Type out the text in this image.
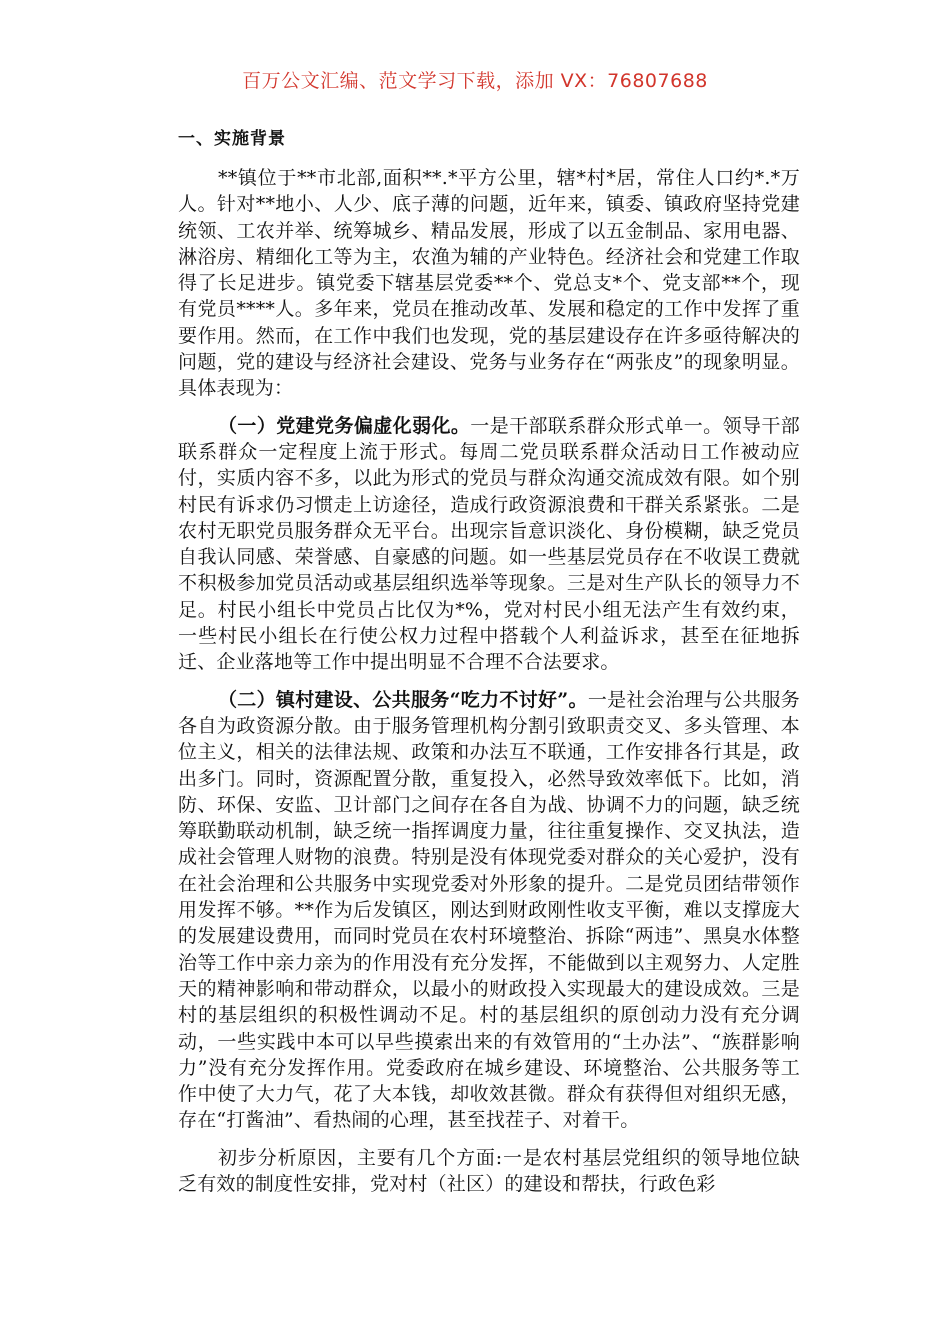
百万公文汇编、范文学习下载，添加 VX：76807688
一、实施背景

**镇位于**市北部,面积**.*平方公里，辖*村*居，常住人口约*.*万人。针对**地小、人少、底子薄的问题，近年来，镇委、镇政府坚持党建统领、工农并举、统筹城乡、精品发展，形成了以五金制品、家用电器、淋浴房、精细化工等为主，农渔为辅的产业特色。经济社会和党建工作取得了长足进步。镇党委下辖基层党委**个、党总支*个、党支部**个，现有党员****人。多年来，党员在推动改革、发展和稳定的工作中发挥了重要作用。然而，在工作中我们也发现，党的基层建设存在许多亟待解决的问题，党的建设与经济社会建设、党务与业务存在“两张皮”的现象明显。具体表现为：

（一）党建党务偏虚化弱化。一是干部联系群众形式单一。领导干部联系群众一定程度上流于形式。每周二党员联系群众活动日工作被动应付，实质内容不多，以此为形式的党员与群众沟通交流成效有限。如个别村民有诉求仍习惯走上访途径，造成行政资源浪费和干群关系紧张。二是农村无职党员服务群众无平台。出现宗旨意识淡化、身份模糊，缺乏党员自我认同感、荣誉感、自豪感的问题。如一些基层党员存在不收误工费就不积极参加党员活动或基层组织选举等现象。三是对生产队长的领导力不足。村民小组长中党员占比仅为*%，党对村民小组无法产生有效约束，一些村民小组长在行使公权力过程中搭载个人利益诉求，甚至在征地拆迁、企业落地等工作中提出明显不合理不合法要求。

（二）镇村建设、公共服务“吃力不讨好”。一是社会治理与公共服务各自为政资源分散。由于服务管理机构分割引致职责交叉、多头管理、本位主义，相关的法律法规、政策和办法互不联通，工作安排各行其是，政出多门。同时，资源配置分散，重复投入，必然导致效率低下。比如，消防、环保、安监、卫计部门之间存在各自为战、协调不力的问题，缺乏统筹联勤联动机制，缺乏统一指挥调度力量，往往重复操作、交叉执法，造成社会管理人财物的浪费。特别是没有体现党委对群众的关心爱护，没有在社会治理和公共服务中实现党委对外形象的提升。二是党员团结带领作用发挥不够。**作为后发镇区，刚达到财政刚性收支平衡，难以支撑庞大的发展建设费用，而同时党员在农村环境整治、拆除“两违”、黑臭水体整治等工作中亲力亲为的作用没有充分发挥，不能做到以主观努力、人定胜天的精神影响和带动群众，以最小的财政投入实现最大的建设成效。三是村的基层组织的积极性调动不足。村的基层组织的原创动力没有充分调动，一些实践中本可以早些摸索出来的有效管用的“土办法”、“族群影响力”没有充分发挥作用。党委政府在城乡建设、环境整治、公共服务等工作中使了大力气，花了大本钱，却收效甚微。群众有获得但对组织无感，存在“打酱油”、看热闹的心理，甚至找茬子、对着干。

初步分析原因，主要有几个方面:一是农村基层党组织的领导地位缺乏有效的制度性安排，党对村（社区）的建设和帮扶，行政色彩
